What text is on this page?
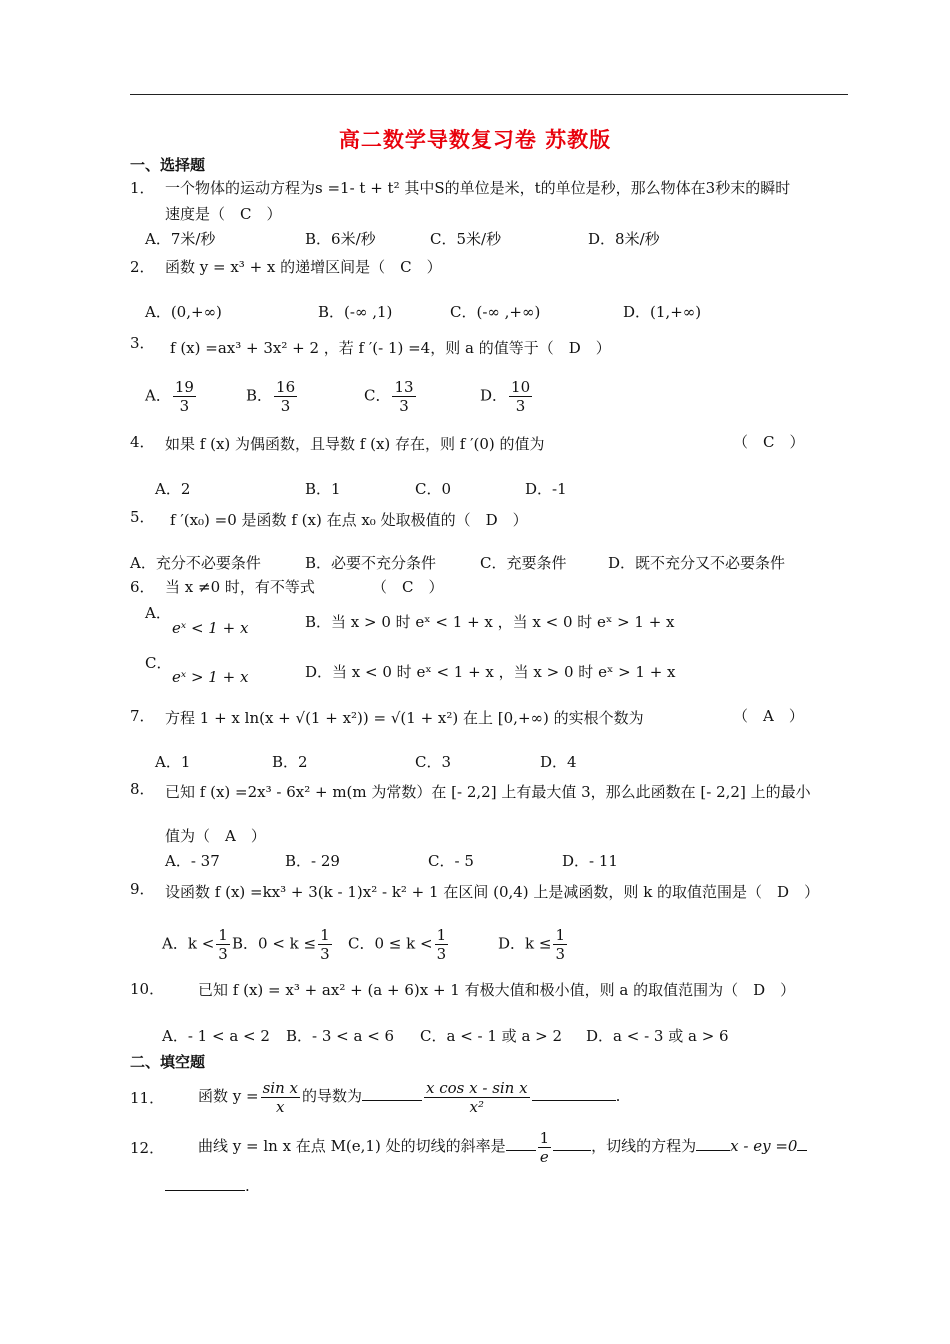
高二数学导数复习卷 苏教版
一、选择题
1． 一个物体的运动方程为s =1- t + t² 其中S的单位是米，t的单位是秒，那么物体在3秒末的瞬时
速度是（　C　）
A．7米/秒	B．6米/秒	C．5米/秒	D．8米/秒
2． 函数 y = x³ + x 的递增区间是（　C　）
A．(0,+∞)	B．(-∞ ,1)	C．(-∞ ,+∞)	D．(1,+∞)
3． f (x) =ax³ + 3x² + 2 ，若 f ′(- 1) =4，则 a 的值等于（　D　）
A． $\frac{19}{3}$	B． $\frac{16}{3}$	C． $\frac{13}{3}$	D． $\frac{10}{3}$
4． 如果 f (x) 为偶函数，且导数 f (x) 存在，则 f ′(0) 的值为	（　C　）
A．2	B．1	C．0	D．-1
5． f ′(x₀) =0 是函数 f (x) 在点 x₀ 处取极值的（　D　）
A．充分不必要条件	B．必要不充分条件	C．充要条件	D．既不充分又不必要条件
6． 当 x ≠0 时，有不等式	（　C　）
A．
eˣ < 1 + x	B．当 x > 0 时 eˣ < 1 + x ，当 x < 0 时 eˣ > 1 + x
C．
eˣ > 1 + x	D．当 x < 0 时 eˣ < 1 + x ，当 x > 0 时 eˣ > 1 + x
7． 方程 1 + x ln(x + √(1 + x²)) = √(1 + x²) 在上 [0,+∞) 的实根个数为	（　A　）
A．1	B．2	C．3	D．4
8． 已知 f (x) =2x³ - 6x² + m(m 为常数）在 [- 2,2] 上有最大值 3，那么此函数在 [- 2,2] 上的最小
值为（　A　）
A．- 37	B．- 29	C．- 5	D．- 11
9． 设函数 f (x) =kx³ + 3(k - 1)x² - k² + 1 在区间 (0,4) 上是减函数，则 k 的取值范围是（　D　）
A．$k < \frac{1}{3}$ B．$0 < k \le \frac{1}{3}$ C．$0 \le k < \frac{1}{3}$	D．$k \le \frac{1}{3}$
10． 已知 f (x) = x³ + ax² + (a + 6)x + 1 有极大值和极小值，则 a 的取值范围为（　D　）
A．- 1 < a < 2 B．- 3 < a < 6 C．a < - 1 或 a > 2 D．a < - 3 或 a > 6
二、填空题
11． 函数 $y = \frac{\text{sin x}}{x}$ 的导数为	$\frac{\text{x cos x - sin x}}{\text{x²}}$	.
12． 曲线 y = ln x 在点 M(e,1) 处的切线的斜率是 $\frac{1}{e}$	，切线的方程为 x - ey =0
.
